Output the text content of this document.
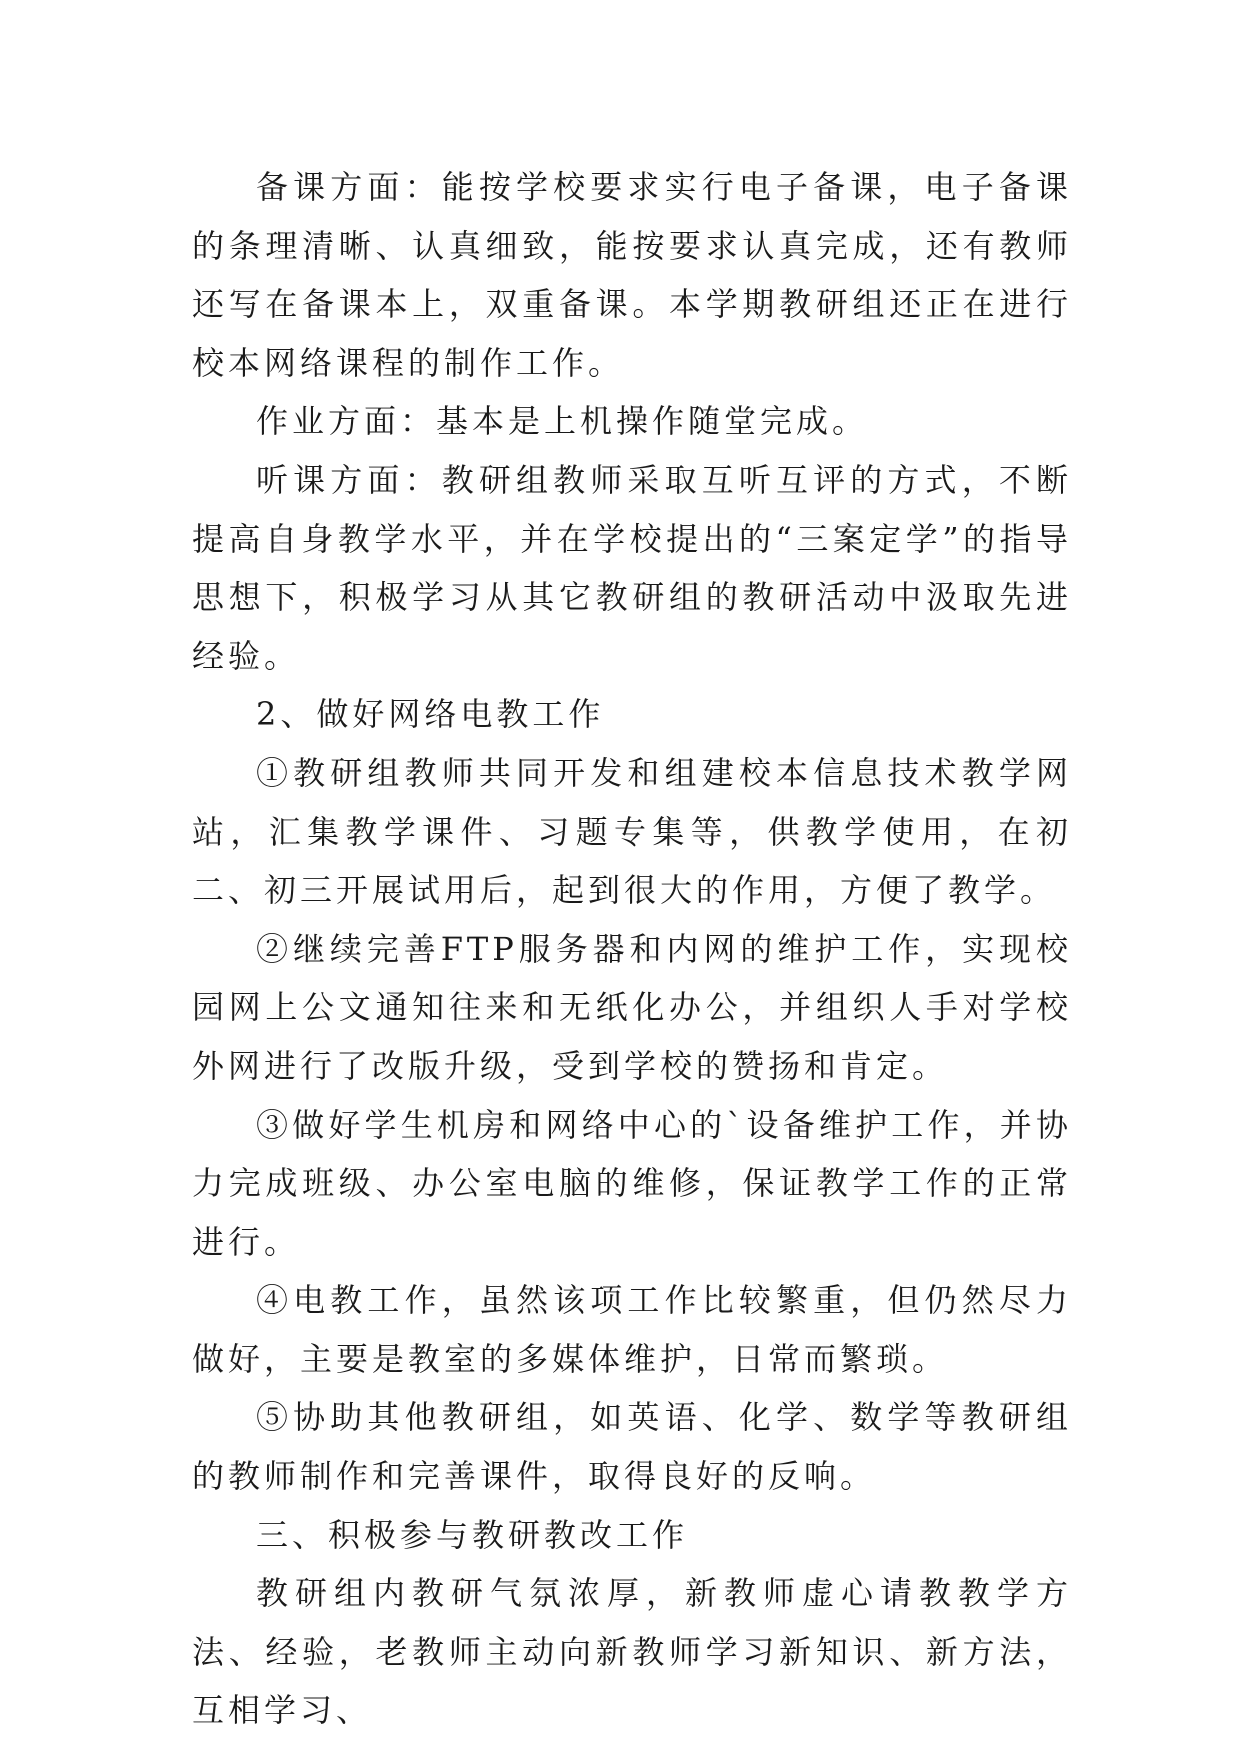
备课方面：能按学校要求实行电子备课，电子备课的条理清晰、认真细致，能按要求认真完成，还有教师还写在备课本上，双重备课。本学期教研组还正在进行校本网络课程的制作工作。

作业方面：基本是上机操作随堂完成。

听课方面：教研组教师采取互听互评的方式，不断提高自身教学水平，并在学校提出的“三案定学”的指导思想下，积极学习从其它教研组的教研活动中汲取先进经验。

2、做好网络电教工作

①教研组教师共同开发和组建校本信息技术教学网站，汇集教学课件、习题专集等，供教学使用，在初二、初三开展试用后，起到很大的作用，方便了教学。

②继续完善FTP服务器和内网的维护工作，实现校园网上公文通知往来和无纸化办公，并组织人手对学校外网进行了改版升级，受到学校的赞扬和肯定。

③做好学生机房和网络中心的`设备维护工作，并协力完成班级、办公室电脑的维修，保证教学工作的正常进行。

④电教工作，虽然该项工作比较繁重，但仍然尽力做好，主要是教室的多媒体维护，日常而繁琐。

⑤协助其他教研组，如英语、化学、数学等教研组的教师制作和完善课件，取得良好的反响。

三、积极参与教研教改工作

教研组内教研气氛浓厚，新教师虚心请教教学方法、经验，老教师主动向新教师学习新知识、新方法，互相学习、
